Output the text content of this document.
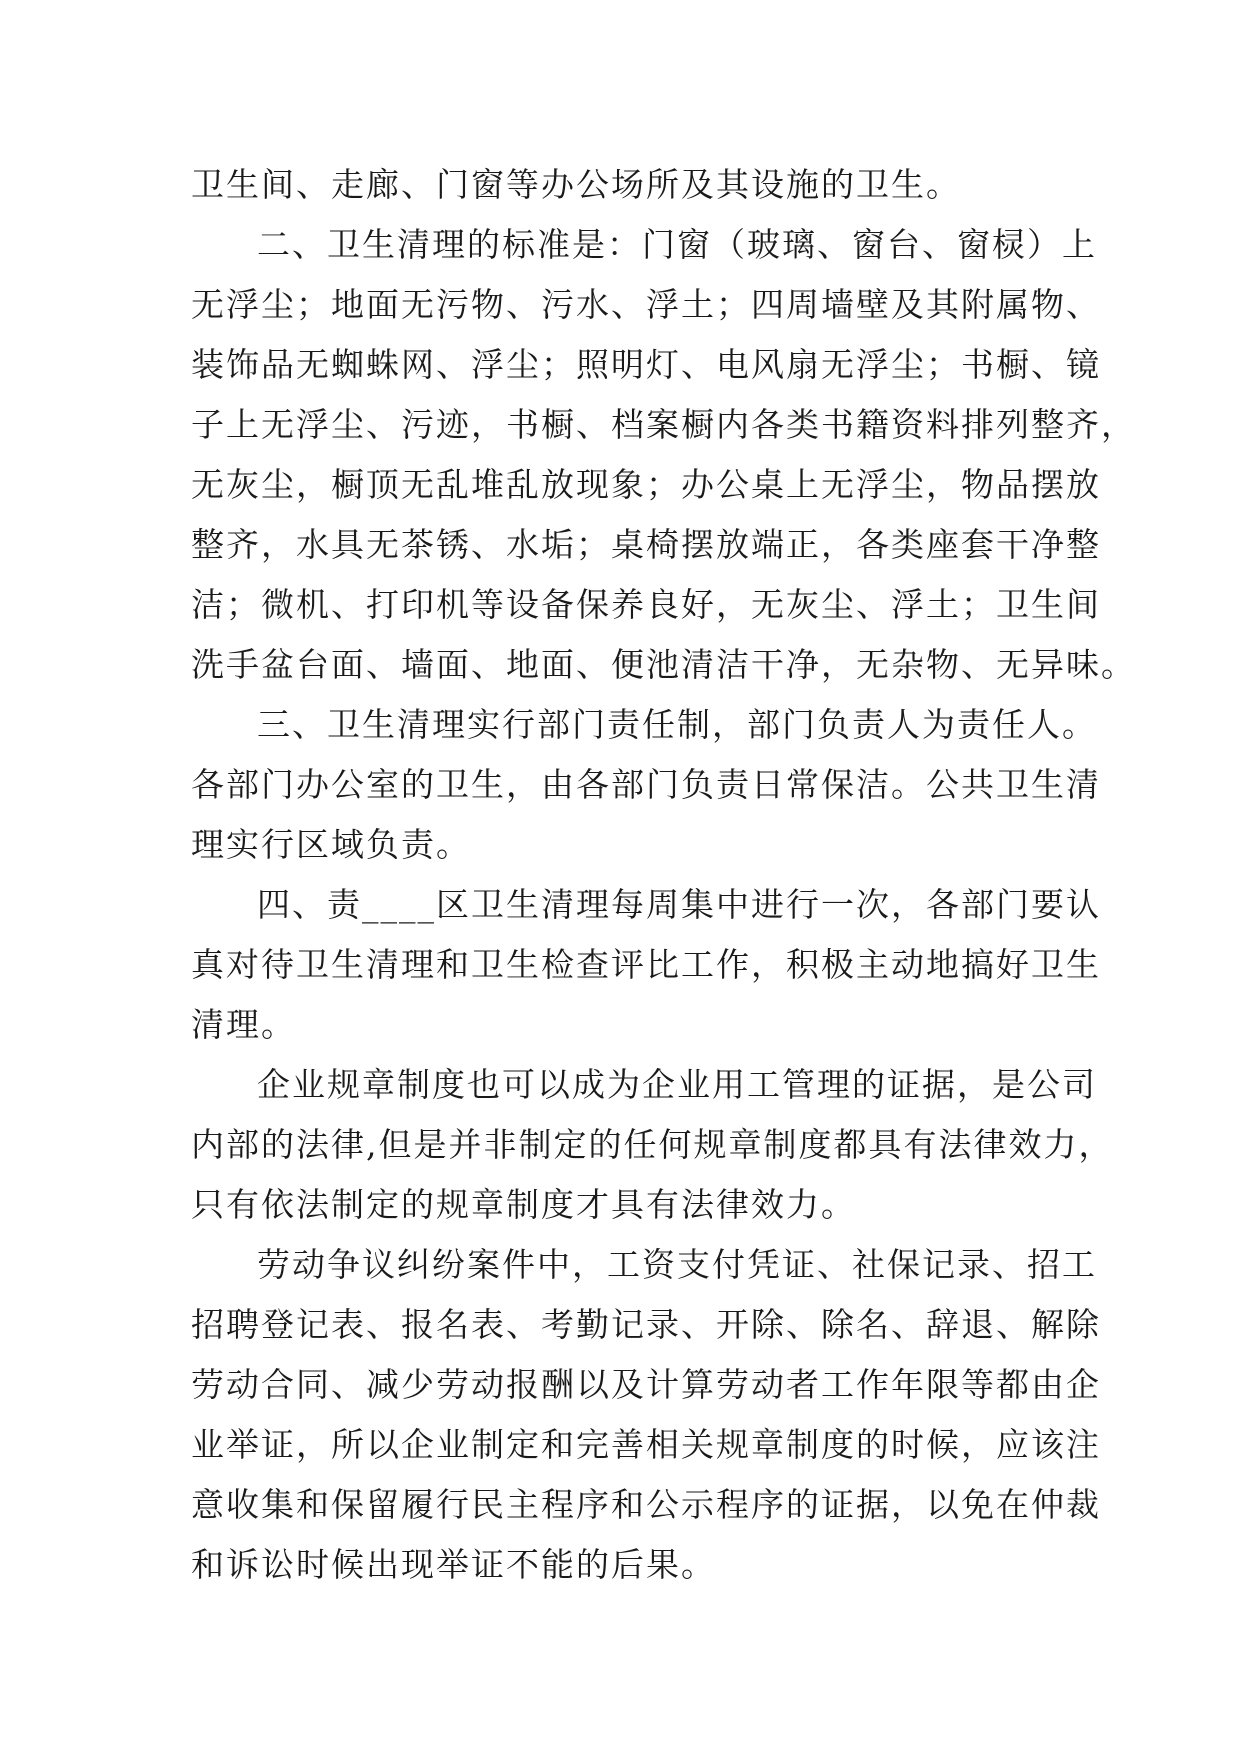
卫生间、走廊、门窗等办公场所及其设施的卫生。
二、卫生清理的标准是：门窗（玻璃、窗台、窗棂）上
无浮尘；地面无污物、污水、浮土；四周墙壁及其附属物、
装饰品无蜘蛛网、浮尘；照明灯、电风扇无浮尘；书橱、镜
子上无浮尘、污迹，书橱、档案橱内各类书籍资料排列整齐，
无灰尘，橱顶无乱堆乱放现象；办公桌上无浮尘，物品摆放
整齐，水具无茶锈、水垢；桌椅摆放端正，各类座套干净整
洁；微机、打印机等设备保养良好，无灰尘、浮土；卫生间
洗手盆台面、墙面、地面、便池清洁干净，无杂物、无异味。
三、卫生清理实行部门责任制，部门负责人为责任人。
各部门办公室的卫生，由各部门负责日常保洁。公共卫生清
理实行区域负责。
四、责____区卫生清理每周集中进行一次，各部门要认
真对待卫生清理和卫生检查评比工作，积极主动地搞好卫生
清理。
企业规章制度也可以成为企业用工管理的证据，是公司
内部的法律,但是并非制定的任何规章制度都具有法律效力，
只有依法制定的规章制度才具有法律效力。
劳动争议纠纷案件中，工资支付凭证、社保记录、招工
招聘登记表、报名表、考勤记录、开除、除名、辞退、解除
劳动合同、减少劳动报酬以及计算劳动者工作年限等都由企
业举证，所以企业制定和完善相关规章制度的时候，应该注
意收集和保留履行民主程序和公示程序的证据，以免在仲裁
和诉讼时候出现举证不能的后果。
